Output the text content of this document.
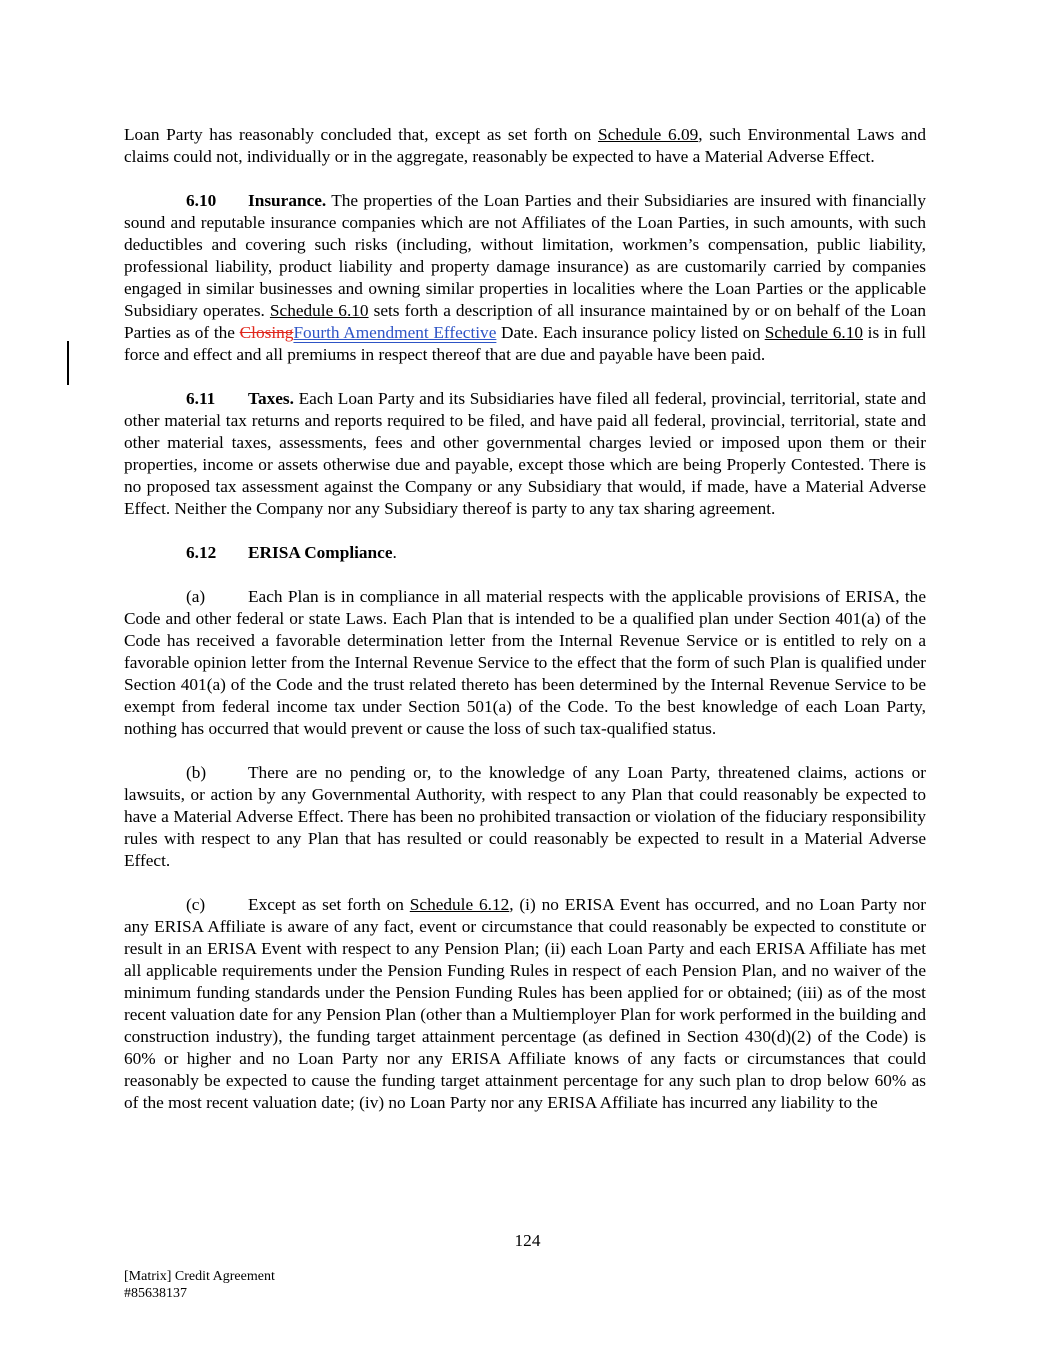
Loan Party has reasonably concluded that, except as set forth on Schedule 6.09, such Environmental Laws and claims could not, individually or in the aggregate, reasonably be expected to have a Material Adverse Effect.

6.10 Insurance. The properties of the Loan Parties and their Subsidiaries are insured with financially sound and reputable insurance companies which are not Affiliates of the Loan Parties, in such amounts, with such deductibles and covering such risks (including, without limitation, workmen’s compensation, public liability, professional liability, product liability and property damage insurance) as are customarily carried by companies engaged in similar businesses and owning similar properties in localities where the Loan Parties or the applicable Subsidiary operates. Schedule 6.10 sets forth a description of all insurance maintained by or on behalf of the Loan Parties as of the ClosingFourth Amendment Effective Date. Each insurance policy listed on Schedule 6.10 is in full force and effect and all premiums in respect thereof that are due and payable have been paid.

6.11 Taxes. Each Loan Party and its Subsidiaries have filed all federal, provincial, territorial, state and other material tax returns and reports required to be filed, and have paid all federal, provincial, territorial, state and other material taxes, assessments, fees and other governmental charges levied or imposed upon them or their properties, income or assets otherwise due and payable, except those which are being Properly Contested. There is no proposed tax assessment against the Company or any Subsidiary that would, if made, have a Material Adverse Effect. Neither the Company nor any Subsidiary thereof is party to any tax sharing agreement.

6.12 ERISA Compliance.

(a) Each Plan is in compliance in all material respects with the applicable provisions of ERISA, the Code and other federal or state Laws. Each Plan that is intended to be a qualified plan under Section 401(a) of the Code has received a favorable determination letter from the Internal Revenue Service or is entitled to rely on a favorable opinion letter from the Internal Revenue Service to the effect that the form of such Plan is qualified under Section 401(a) of the Code and the trust related thereto has been determined by the Internal Revenue Service to be exempt from federal income tax under Section 501(a) of the Code. To the best knowledge of each Loan Party, nothing has occurred that would prevent or cause the loss of such tax-qualified status.

(b) There are no pending or, to the knowledge of any Loan Party, threatened claims, actions or lawsuits, or action by any Governmental Authority, with respect to any Plan that could reasonably be expected to have a Material Adverse Effect. There has been no prohibited transaction or violation of the fiduciary responsibility rules with respect to any Plan that has resulted or could reasonably be expected to result in a Material Adverse Effect.

(c) Except as set forth on Schedule 6.12, (i) no ERISA Event has occurred, and no Loan Party nor any ERISA Affiliate is aware of any fact, event or circumstance that could reasonably be expected to constitute or result in an ERISA Event with respect to any Pension Plan; (ii) each Loan Party and each ERISA Affiliate has met all applicable requirements under the Pension Funding Rules in respect of each Pension Plan, and no waiver of the minimum funding standards under the Pension Funding Rules has been applied for or obtained; (iii) as of the most recent valuation date for any Pension Plan (other than a Multiemployer Plan for work performed in the building and construction industry), the funding target attainment percentage (as defined in Section 430(d)(2) of the Code) is 60% or higher and no Loan Party nor any ERISA Affiliate knows of any facts or circumstances that could reasonably be expected to cause the funding target attainment percentage for any such plan to drop below 60% as of the most recent valuation date; (iv) no Loan Party nor any ERISA Affiliate has incurred any liability to the

124
[Matrix] Credit Agreement
#85638137
